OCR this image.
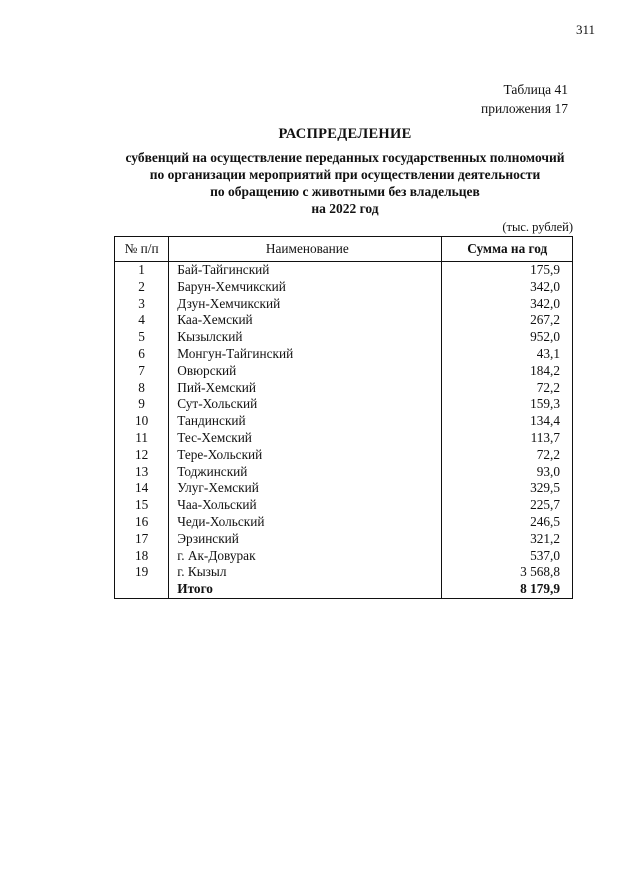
311
Таблица 41
приложения 17
РАСПРЕДЕЛЕНИЕ
субвенций на осуществление переданных государственных полномочий
по организации мероприятий при осуществлении деятельности
по обращению с животными без владельцев
на 2022 год
(тыс. рублей)
№ п/п	Наименование	Сумма на год
1	Бай-Тайгинский	175,9
2	Барун-Хемчикский	342,0
3	Дзун-Хемчикский	342,0
4	Каа-Хемский	267,2
5	Кызылский	952,0
6	Монгун-Тайгинский	43,1
7	Овюрский	184,2
8	Пий-Хемский	72,2
9	Сут-Хольский	159,3
10	Тандинский	134,4
11	Тес-Хемский	113,7
12	Тере-Хольский	72,2
13	Тоджинский	93,0
14	Улуг-Хемский	329,5
15	Чаа-Хольский	225,7
16	Чеди-Хольский	246,5
17	Эрзинский	321,2
18	г. Ак-Довурак	537,0
19	г. Кызыл	3 568,8
	Итого	8 179,9
